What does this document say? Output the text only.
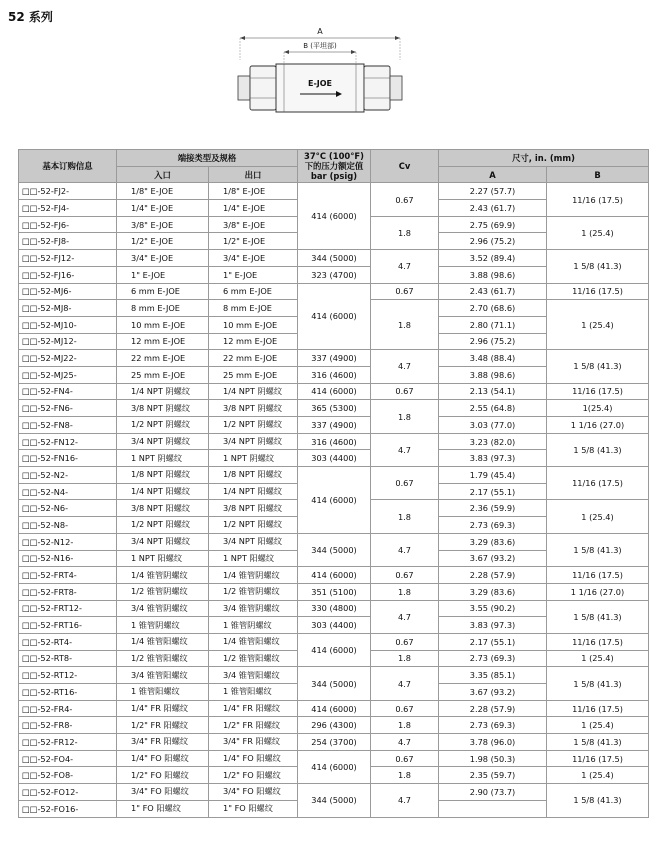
52 系列
A
B (平坦部)
E-JOE
基本订购信息	端接类型及规格		37°C (100°F)
下的压力额定值
bar (psig)	Cv	尺寸, in. (mm)	
	入口	出口			A	B
□□-52-FJ2-	1/8" E-JOE	1/8" E-JOE	414 (6000)	0.67	2.27 (57.7)	11/16 (17.5)
□□-52-FJ4-	1/4" E-JOE	1/4" E-JOE			2.43 (61.7)	
□□-52-FJ6-	3/8" E-JOE	3/8" E-JOE		1.8	2.75 (69.9)	1 (25.4)
□□-52-FJ8-	1/2" E-JOE	1/2" E-JOE			2.96 (75.2)	
□□-52-FJ12-	3/4" E-JOE	3/4" E-JOE	344 (5000)	4.7	3.52 (89.4)	1 5/8 (41.3)
□□-52-FJ16-	1" E-JOE	1" E-JOE	323 (4700)		3.88 (98.6)	
□□-52-MJ6-	6 mm E-JOE	6 mm E-JOE	414 (6000)	0.67	2.43 (61.7)	11/16 (17.5)
□□-52-MJ8-	8 mm E-JOE	8 mm E-JOE		1.8	2.70 (68.6)	1 (25.4)
□□-52-MJ10-	10 mm E-JOE	10 mm E-JOE			2.80 (71.1)	
□□-52-MJ12-	12 mm E-JOE	12 mm E-JOE			2.96 (75.2)	
□□-52-MJ22-	22 mm E-JOE	22 mm E-JOE	337 (4900)	4.7	3.48 (88.4)	1 5/8 (41.3)
□□-52-MJ25-	25 mm E-JOE	25 mm E-JOE	316 (4600)		3.88 (98.6)	
□□-52-FN4-	1/4 NPT 阴螺纹	1/4 NPT 阴螺纹	414 (6000)	0.67	2.13 (54.1)	11/16 (17.5)
□□-52-FN6-	3/8 NPT 阴螺纹	3/8 NPT 阴螺纹	365 (5300)	1.8	2.55 (64.8)	1(25.4)
□□-52-FN8-	1/2 NPT 阴螺纹	1/2 NPT 阴螺纹	337 (4900)		3.03 (77.0)	1 1/16 (27.0)
□□-52-FN12-	3/4 NPT 阴螺纹	3/4 NPT 阴螺纹	316 (4600)	4.7	3.23 (82.0)	1 5/8 (41.3)
□□-52-FN16-	1 NPT 阴螺纹	1 NPT 阴螺纹	303 (4400)		3.83 (97.3)	
□□-52-N2-	1/8 NPT 阳螺纹	1/8 NPT 阳螺纹	414 (6000)	0.67	1.79 (45.4)	11/16 (17.5)
□□-52-N4-	1/4 NPT 阳螺纹	1/4 NPT 阳螺纹			2.17 (55.1)	
□□-52-N6-	3/8 NPT 阳螺纹	3/8 NPT 阳螺纹		1.8	2.36 (59.9)	1 (25.4)
□□-52-N8-	1/2 NPT 阳螺纹	1/2 NPT 阳螺纹			2.73 (69.3)	
□□-52-N12-	3/4 NPT 阳螺纹	3/4 NPT 阳螺纹	344 (5000)	4.7	3.29 (83.6)	1 5/8 (41.3)
□□-52-N16-	1 NPT 阳螺纹	1 NPT 阳螺纹			3.67 (93.2)	
□□-52-FRT4-	1/4 锥管阴螺纹	1/4 锥管阴螺纹	414 (6000)	0.67	2.28 (57.9)	11/16 (17.5)
□□-52-FRT8-	1/2 锥管阴螺纹	1/2 锥管阴螺纹	351 (5100)	1.8	3.29 (83.6)	1 1/16 (27.0)
□□-52-FRT12-	3/4 锥管阴螺纹	3/4 锥管阴螺纹	330 (4800)	4.7	3.55 (90.2)	1 5/8 (41.3)
□□-52-FRT16-	1 锥管阴螺纹	1 锥管阴螺纹	303 (4400)		3.83 (97.3)	
□□-52-RT4-	1/4 锥管阳螺纹	1/4 锥管阳螺纹	414 (6000)	0.67	2.17 (55.1)	11/16 (17.5)
□□-52-RT8-	1/2 锥管阳螺纹	1/2 锥管阳螺纹		1.8	2.73 (69.3)	1 (25.4)
□□-52-RT12-	3/4 锥管阳螺纹	3/4 锥管阳螺纹	344 (5000)	4.7	3.35 (85.1)	1 5/8 (41.3)
□□-52-RT16-	1 锥管阳螺纹	1 锥管阳螺纹			3.67 (93.2)	
□□-52-FR4-	1/4" FR 阳螺纹	1/4" FR 阳螺纹	414 (6000)	0.67	2.28 (57.9)	11/16 (17.5)
□□-52-FR8-	1/2" FR 阳螺纹	1/2" FR 阳螺纹	296 (4300)	1.8	2.73 (69.3)	1 (25.4)
□□-52-FR12-	3/4" FR 阳螺纹	3/4" FR 阳螺纹	254 (3700)	4.7	3.78 (96.0)	1 5/8 (41.3)
□□-52-FO4-	1/4" FO 阳螺纹	1/4" FO 阳螺纹	414 (6000)	0.67	1.98 (50.3)	11/16 (17.5)
□□-52-FO8-	1/2" FO 阳螺纹	1/2" FO 阳螺纹		1.8	2.35 (59.7)	1 (25.4)
□□-52-FO12-	3/4" FO 阳螺纹	3/4" FO 阳螺纹	344 (5000)	4.7	2.90 (73.7)	1 5/8 (41.3)
□□-52-FO16-	1" FO 阳螺纹	1" FO 阳螺纹				
